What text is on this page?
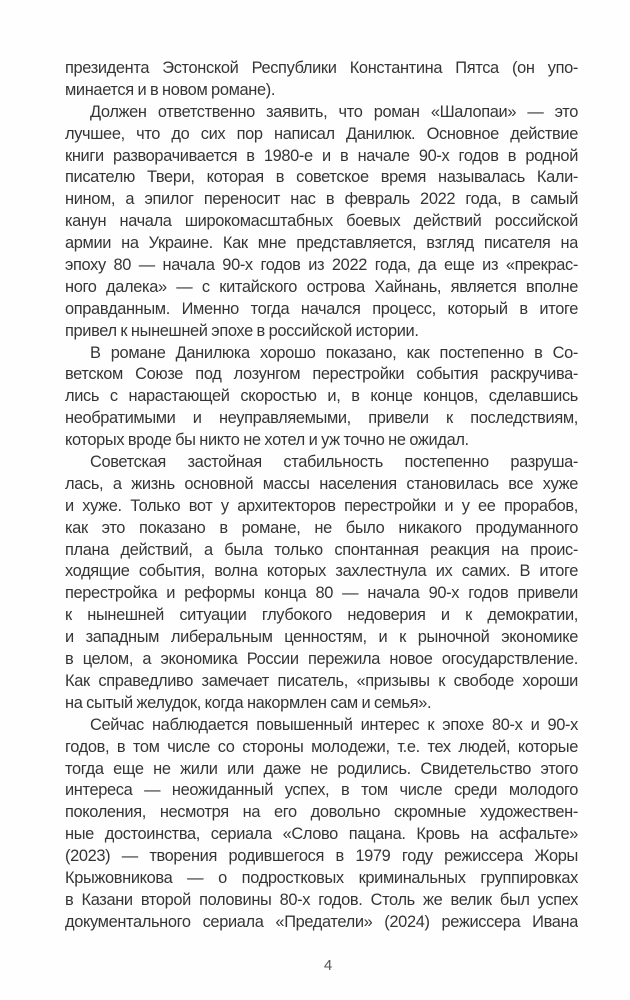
президента Эстонской Республики Константина Пятса (он упо-
минается и в новом романе).
Должен ответственно заявить, что роман «Шалопаи» — это
лучшее, что до сих пор написал Данилюк. Основное действие
книги разворачивается в 1980-е и в начале 90-х годов в родной
писателю Твери, которая в советское время называлась Кали-
нином, а эпилог переносит нас в февраль 2022 года, в самый
канун начала широкомасштабных боевых действий российской
армии на Украине. Как мне представляется, взгляд писателя на
эпоху 80 — начала 90-х годов из 2022 года, да еще из «прекрас-
ного далека» — с китайского острова Хайнань, является вполне
оправданным. Именно тогда начался процесс, который в итоге
привел к нынешней эпохе в российской истории.
В романе Данилюка хорошо показано, как постепенно в Со-
ветском Союзе под лозунгом перестройки события раскручива-
лись с нарастающей скоростью и, в конце концов, сделавшись
необратимыми и неуправляемыми, привели к последствиям,
которых вроде бы никто не хотел и уж точно не ожидал.
Советская застойная стабильность постепенно разруша-
лась, а жизнь основной массы населения становилась все хуже
и хуже. Только вот у архитекторов перестройки и у ее прорабов,
как это показано в романе, не было никакого продуманного
плана действий, а была только спонтанная реакция на проис-
ходящие события, волна которых захлестнула их самих. В итоге
перестройка и реформы конца 80 — начала 90-х годов привели
к нынешней ситуации глубокого недоверия и к демократии,
и западным либеральным ценностям, и к рыночной экономике
в целом, а экономика России пережила новое огосударствление.
Как справедливо замечает писатель, «призывы к свободе хороши
на сытый желудок, когда накормлен сам и семья».
Сейчас наблюдается повышенный интерес к эпохе 80-х и 90-х
годов, в том числе со стороны молодежи, т.е. тех людей, которые
тогда еще не жили или даже не родились. Свидетельство этого
интереса — неожиданный успех, в том числе среди молодого
поколения, несмотря на его довольно скромные художествен-
ные достоинства, сериала «Слово пацана. Кровь на асфальте»
(2023) — творения родившегося в 1979 году режиссера Жоры
Крыжовникова — о подростковых криминальных группировках
в Казани второй половины 80-х годов. Столь же велик был успех
документального сериала «Предатели» (2024) режиссера Ивана
4
